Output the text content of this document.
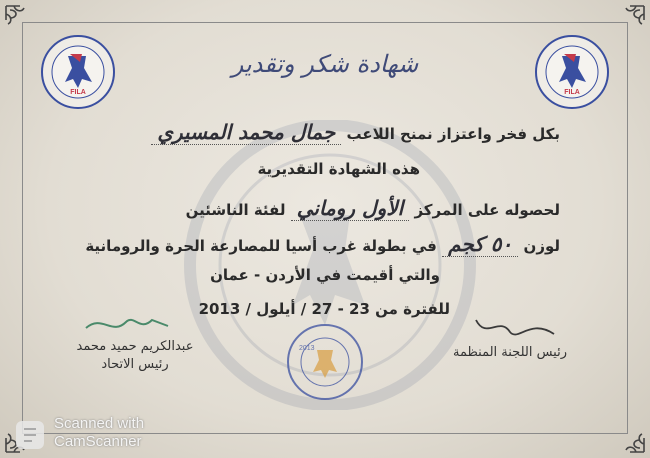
FILA	FILA
2013
شهادة شكر وتقدير
بكل فخر واعتزاز نمنح اللاعب جمال محمد المسيري
هذه الشهادة التقديرية
لحصوله على المركز الأول روماني لفئة الناشئين
لوزن ٥٠ كجم في بطولة غرب أسيا للمصارعة الحرة والرومانية
والتي أقيمت في الأردن - عمان
للفترة من 23 - 27 / أيلول / 2013
عبدالكريم حميد محمد
رئيس الاتحاد
رئيس اللجنة المنظمة
Scanned with
CamScanner
